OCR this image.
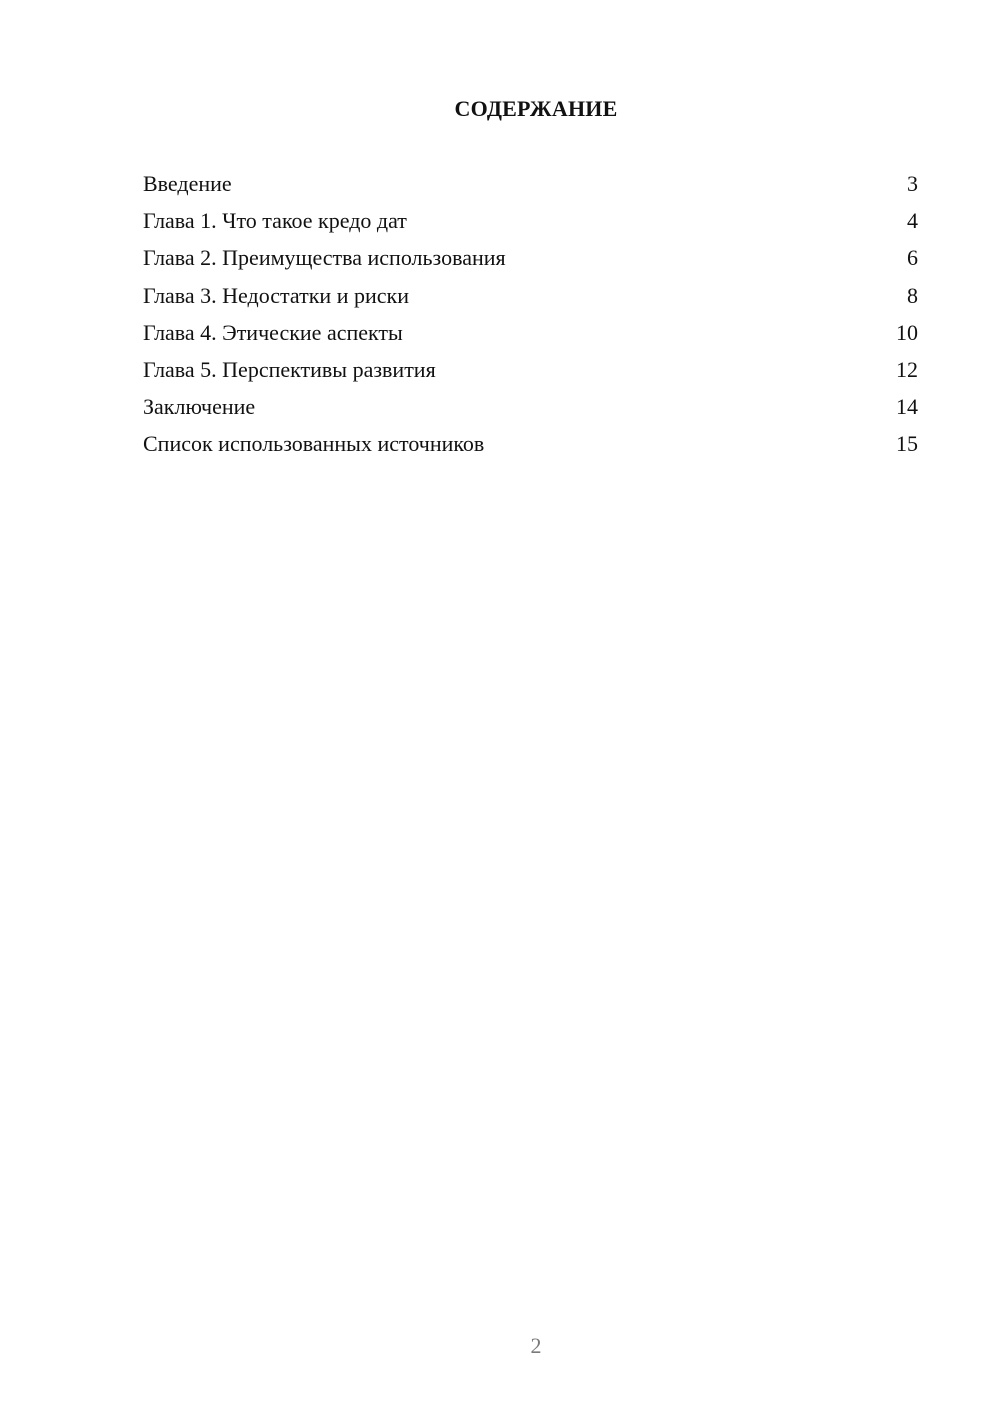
СОДЕРЖАНИЕ
Введение	3
Глава 1. Что такое кредо дат	4
Глава 2. Преимущества использования	6
Глава 3. Недостатки и риски	8
Глава 4. Этические аспекты	10
Глава 5. Перспективы развития	12
Заключение	14
Список использованных источников	15
2
